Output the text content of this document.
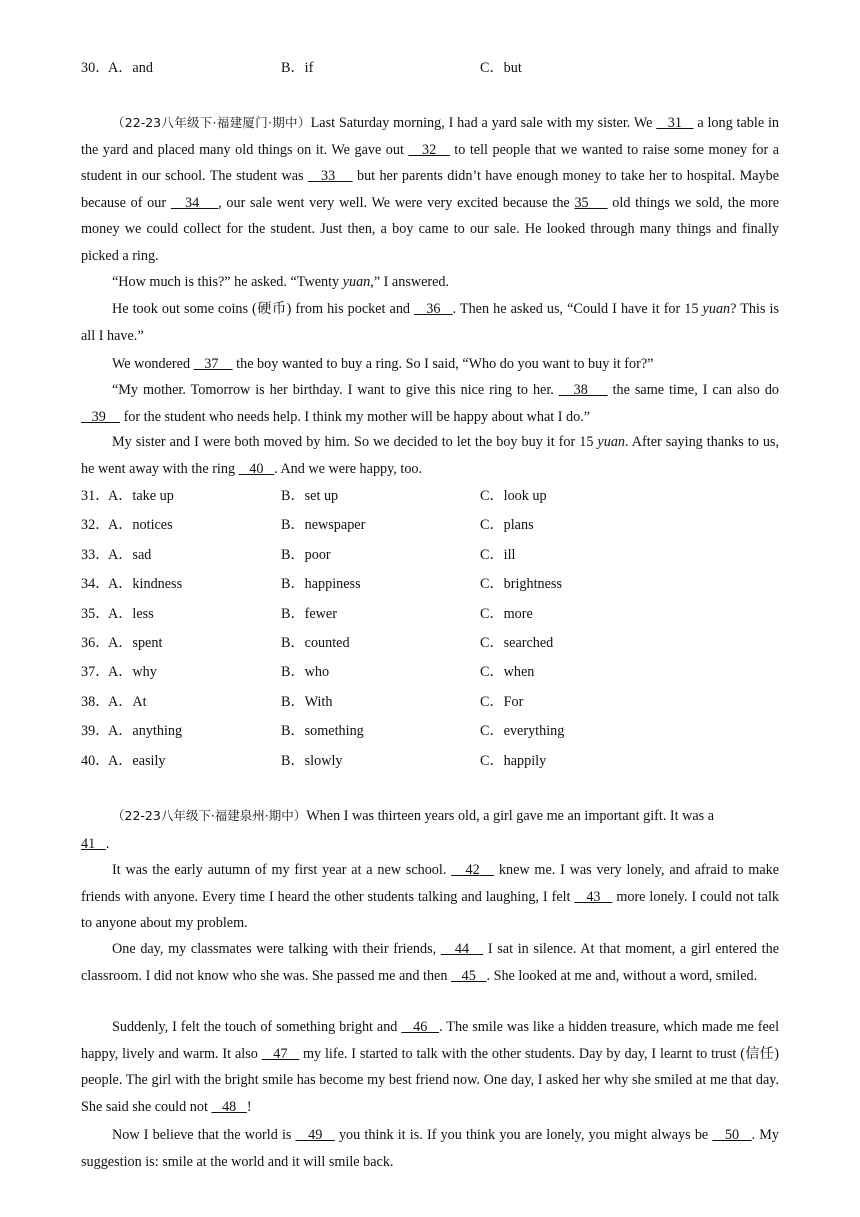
30．
A．and	B．if	C．but
（22-23八年级下·福建厦门·期中）Last Saturday morning, I had a yard sale with my sister. We    31    a long table in the yard and placed many old things on it. We gave out    32    to tell people that we wanted to raise some money for a student in our school. The student was    33     but her parents didn’t have enough money to take her to hospital. Maybe because of our    34    , our sale went very well. We were very excited because the 35     old things we sold, the more money we could collect for the student. Just then, a boy came to our sale. He looked through many things and finally picked a ring.
“How much is this?” he asked. “Twenty yuan,” I answered.
He took out some coins (硬币) from his pocket and    36   . Then he asked us, “Could I have it for 15 yuan? This is all I have.”
We wondered    37     the boy wanted to buy a ring. So I said, “Who do you want to buy it for?”
“My mother. Tomorrow is her birthday. I want to give this nice ring to her.    38     the same time, I can also do    39     for the student who needs help. I think my mother will be happy about what I do.”
My sister and I were both moved by him. So we decided to let the boy buy it for 15 yuan. After saying thanks to us, he went away with the ring    40   . And we were happy, too.
31．
A．take up	B．set up	C．look up
32．
A．notices	B．newspaper	C．plans
33．
A．sad	B．poor	C．ill
34．
A．kindness	B．happiness	C．brightness
35．
A．less	B．fewer	C．more
36．
A．spent	B．counted	C．searched
37．
A．why	B．who	C．when
38．
A．At	B．With	C．For
39．
A．anything	B．something	C．everything
40．
A．easily	B．slowly	C．happily
（22-23八年级下·福建泉州·期中）When I was thirteen years old, a girl gave me an important gift. It was a
41   .
It was the early autumn of my first year at a new school.    42    knew me. I was very lonely, and afraid to make friends with anyone. Every time I heard the other students talking and laughing, I felt    43    more lonely. I could not talk to anyone about my problem.
One day, my classmates were talking with their friends,    44    I sat in silence. At that moment, a girl entered the classroom. I did not know who she was. She passed me and then    45   . She looked at me and, without a word, smiled.
Suddenly, I felt the touch of something bright and    46   . The smile was like a hidden treasure, which made me feel happy, lively and warm. It also    47    my life. I started to talk with the other students. Day by day, I learnt to trust (信任) people. The girl with the bright smile has become my best friend now. One day, I asked her why she smiled at me that day. She said she could not    48   !
Now I believe that the world is    49    you think it is. If you think you are lonely, you might always be    50   . My suggestion is: smile at the world and it will smile back.
